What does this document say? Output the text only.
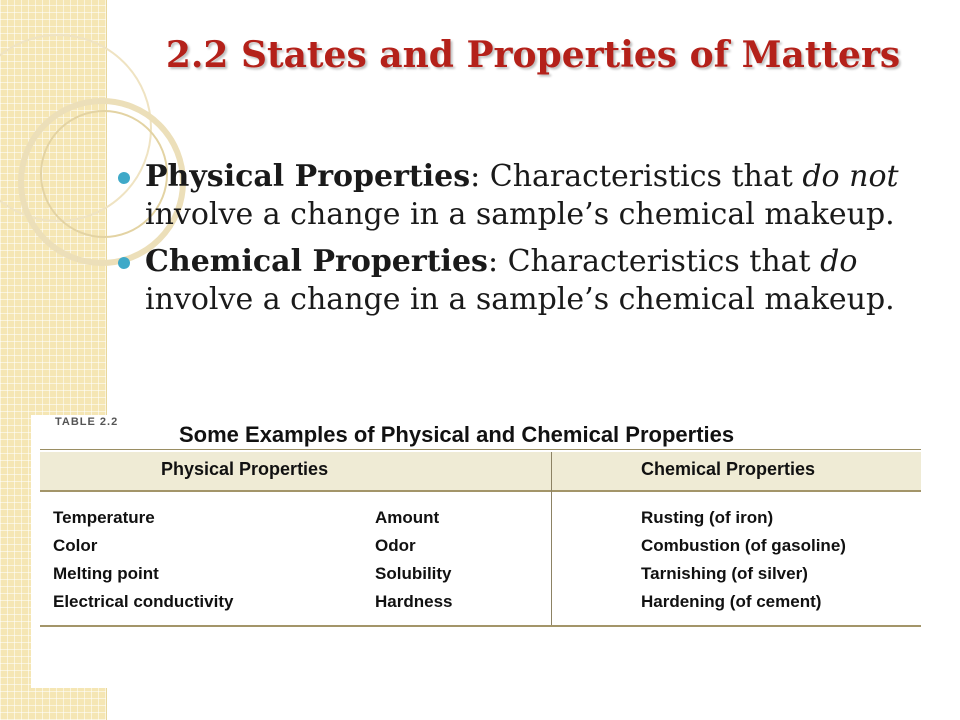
2.2 States and Properties of Matters
Physical Properties: Characteristics that do not involve a change in a sample’s chemical makeup.
Chemical Properties: Characteristics that do involve a change in a sample’s chemical makeup.
TABLE 2.2	Some Examples of Physical and Chemical Properties
Physical Properties	Chemical Properties
Temperature
Color
Melting point
Electrical conductivity
Amount
Odor
Solubility
Hardness
Rusting (of iron)
Combustion (of gasoline)
Tarnishing (of silver)
Hardening (of cement)
